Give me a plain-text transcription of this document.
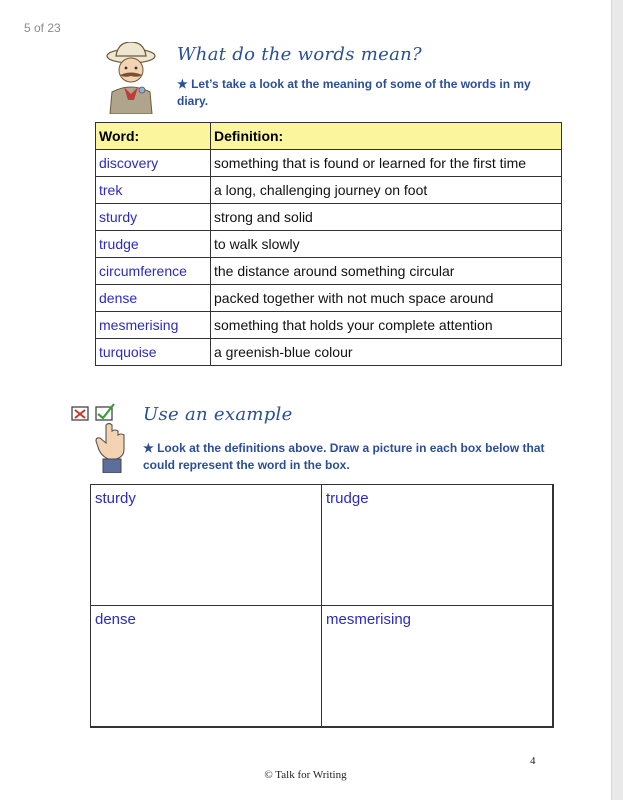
5 of 23
What do the words mean?
★ Let’s take a look at the meaning of some of the words in my diary.
Word:	Definition:
discovery	something that is found or learned for the first time
trek	a long, challenging journey on foot
sturdy	strong and solid
trudge	to walk slowly
circumference	the distance around something circular
dense	packed together with not much space around
mesmerising	something that holds your complete attention
turquoise	a greenish-blue colour
Use an example
★ Look at the definitions above. Draw a picture in each box below that could represent the word in the box.
sturdy	trudge
dense	mesmerising
4
© Talk for Writing
